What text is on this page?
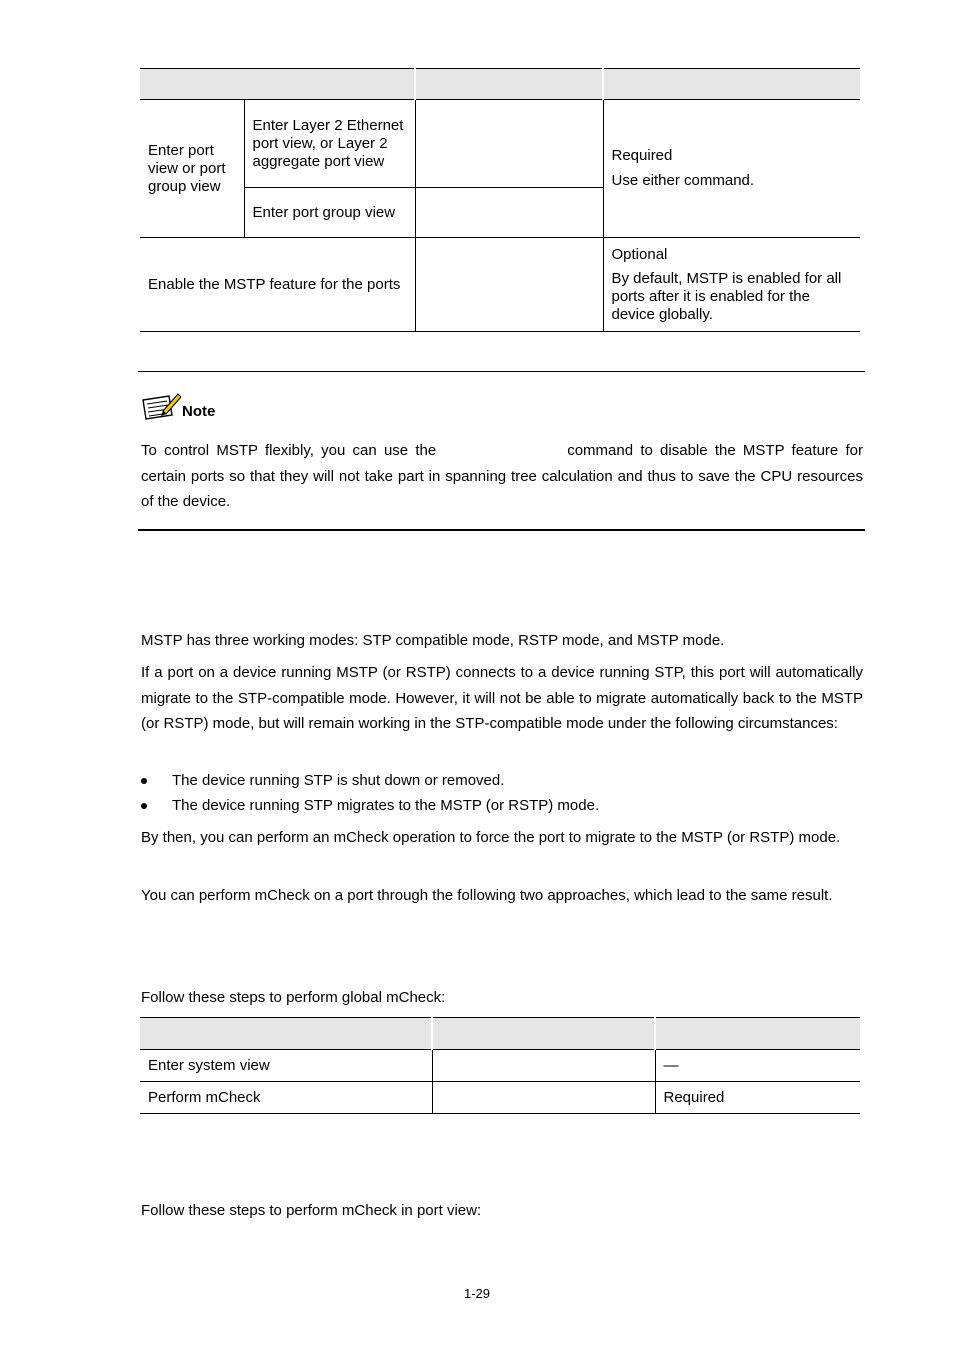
Enter port view or port group view	Enter Layer 2 Ethernet port view, or Layer 2 aggregate port view		Required
Use either command.

	Enter port group view		
Enable the MSTP feature for the ports			Optional
By default, MSTP is enabled for all ports after it is enabled for the device globally.
Note
To control MSTP flexibly, you can use the	command to disable the MSTP feature for certain ports so that they will not take part in spanning tree calculation and thus to save the CPU resources of the device.
MSTP has three working modes: STP compatible mode, RSTP mode, and MSTP mode.
If a port on a device running MSTP (or RSTP) connects to a device running STP, this port will automatically migrate to the STP-compatible mode. However, it will not be able to migrate automatically back to the MSTP (or RSTP) mode, but will remain working in the STP-compatible mode under the following circumstances:
The device running STP is shut down or removed.
The device running STP migrates to the MSTP (or RSTP) mode.
By then, you can perform an mCheck operation to force the port to migrate to the MSTP (or RSTP) mode.
You can perform mCheck on a port through the following two approaches, which lead to the same result.
Follow these steps to perform global mCheck:

Enter system view		—
Perform mCheck		Required
Follow these steps to perform mCheck in port view:
1-29
